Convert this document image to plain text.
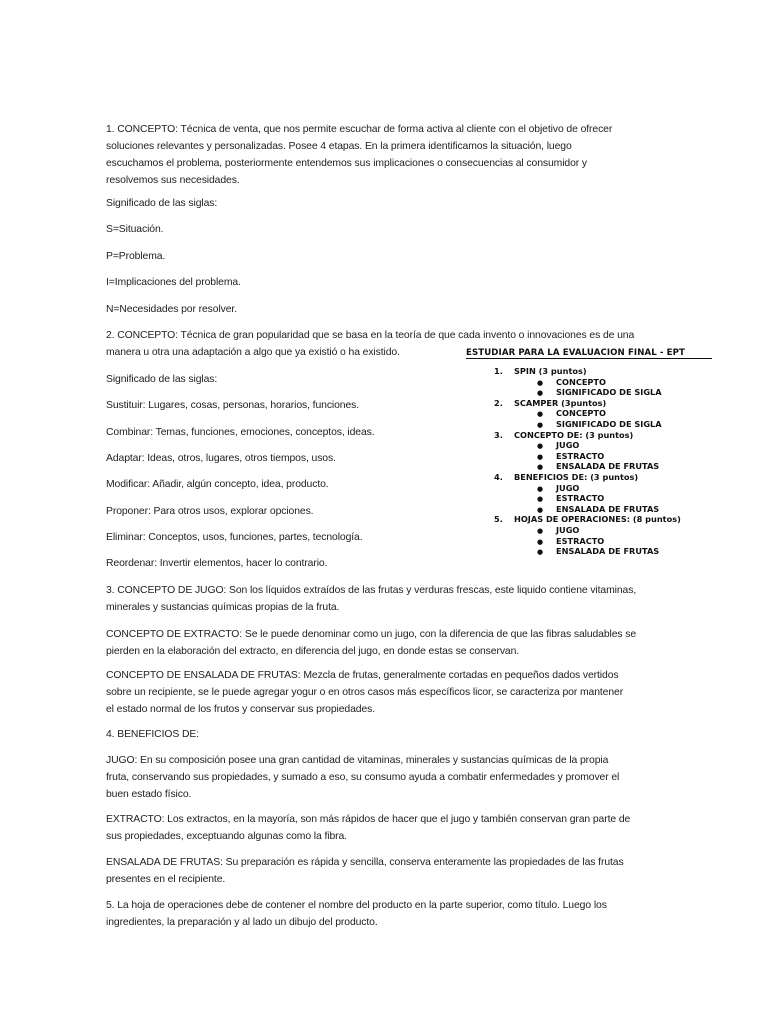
1. CONCEPTO: Técnica de venta, que nos permite escuchar de forma activa al cliente con el objetivo de ofrecer
soluciones relevantes y personalizadas. Posee 4 etapas. En la primera identificamos la situación, luego
escuchamos el problema, posteriormente entendemos sus implicaciones o consecuencias al consumidor y
resolvemos sus necesidades.
Significado de las siglas:
S=Situación.
P=Problema.
I=Implicaciones del problema.
N=Necesidades por resolver.
2. CONCEPTO: Técnica de gran popularidad que se basa en la teoría de que cada invento o innovaciones es de una
manera u otra una adaptación a algo que ya existió o ha existido.
Significado de las siglas:
Sustituir: Lugares, cosas, personas, horarios, funciones.
Combinar: Temas, funciones, emociones, conceptos, ideas.
Adaptar: Ideas, otros, lugares, otros tiempos, usos.
Modificar: Añadir, algún concepto, idea, producto.
Proponer: Para otros usos, explorar opciones.
Eliminar: Conceptos, usos, funciones, partes, tecnología.
Reordenar: Invertir elementos, hacer lo contrario.
3. CONCEPTO DE JUGO: Son los líquidos extraídos de las frutas y verduras frescas, este liquido contiene vitaminas,
minerales y sustancias químicas propias de la fruta.
CONCEPTO DE EXTRACTO: Se le puede denominar como un jugo, con la diferencia de que las fibras saludables se
pierden en la elaboración del extracto, en diferencia del jugo, en donde estas se conservan.
CONCEPTO DE ENSALADA DE FRUTAS: Mezcla de frutas, generalmente cortadas en pequeños dados vertidos
sobre un recipiente, se le puede agregar yogur o en otros casos más específicos licor, se caracteriza por mantener
el estado normal de los frutos y conservar sus propiedades.
4. BENEFICIOS DE:
JUGO: En su composición posee una gran cantidad de vitaminas, minerales y sustancias químicas de la propia
fruta, conservando sus propiedades, y sumado a eso, su consumo ayuda a combatir enfermedades y promover el
buen estado físico.
EXTRACTO: Los extractos, en la mayoría, son más rápidos de hacer que el jugo y también conservan gran parte de
sus propiedades, exceptuando algunas como la fibra.
ENSALADA DE FRUTAS: Su preparación es rápida y sencilla, conserva enteramente las propiedades de las frutas
presentes en el recipiente.
5. La hoja de operaciones debe de contener el nombre del producto en la parte superior, como título. Luego los
ingredientes, la preparación y al lado un dibujo del producto.
ESTUDIAR PARA LA EVALUACION FINAL - EPT
1. SPIN (3 puntos)
● CONCEPTO
● SIGNIFICADO DE SIGLA
2. SCAMPER (3puntos)
● CONCEPTO
● SIGNIFICADO DE SIGLA
3. CONCEPTO DE: (3 puntos)
● JUGO
● ESTRACTO
● ENSALADA DE FRUTAS
4. BENEFICIOS DE: (3 puntos)
● JUGO
● ESTRACTO
● ENSALADA DE FRUTAS
5. HOJAS DE OPERACIONES: (8 puntos)
● JUGO
● ESTRACTO
● ENSALADA DE FRUTAS
